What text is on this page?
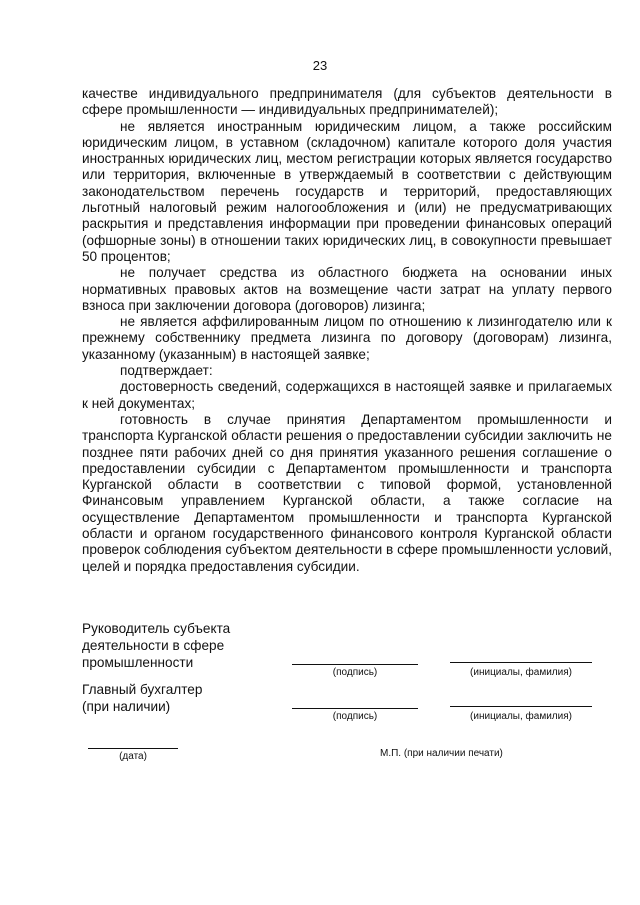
23

качестве индивидуального предпринимателя (для субъектов деятельности в сфере промышленности — индивидуальных предпринимателей);

не является иностранным юридическим лицом, а также российским юридическим лицом, в уставном (складочном) капитале которого доля участия иностранных юридических лиц, местом регистрации которых является государство или территория, включенные в утверждаемый в соответствии с действующим законодательством перечень государств и территорий, предоставляющих льготный налоговый режим налогообложения и (или) не предусматривающих раскрытия и представления информации при проведении финансовых операций (офшорные зоны) в отношении таких юридических лиц, в совокупности превышает 50 процентов;

не получает средства из областного бюджета на основании иных нормативных правовых актов на возмещение части затрат на уплату первого взноса при заключении договора (договоров) лизинга;

не является аффилированным лицом по отношению к лизингодателю или к прежнему собственнику предмета лизинга по договору (договорам) лизинга, указанному (указанным) в настоящей заявке;

подтверждает:

достоверность сведений, содержащихся в настоящей заявке и прилагаемых к ней документах;

готовность в случае принятия Департаментом промышленности и транспорта Курганской области решения о предоставлении субсидии заключить не позднее пяти рабочих дней со дня принятия указанного решения соглашение о предоставлении субсидии с Департаментом промышленности и транспорта Курганской области в соответствии с типовой формой, установленной Финансовым управлением Курганской области, а также согласие на осуществление Департаментом промышленности и транспорта Курганской области и органом государственного финансового контроля Курганской области проверок соблюдения субъектом деятельности в сфере промышленности условий, целей и порядка предоставления субсидии.

Руководитель субъекта
деятельности в сфере
промышленности
(подпись)	(инициалы, фамилия)
Главный бухгалтер
(при наличии)
(подпись)	(инициалы, фамилия)
(дата)	М.П. (при наличии печати)
